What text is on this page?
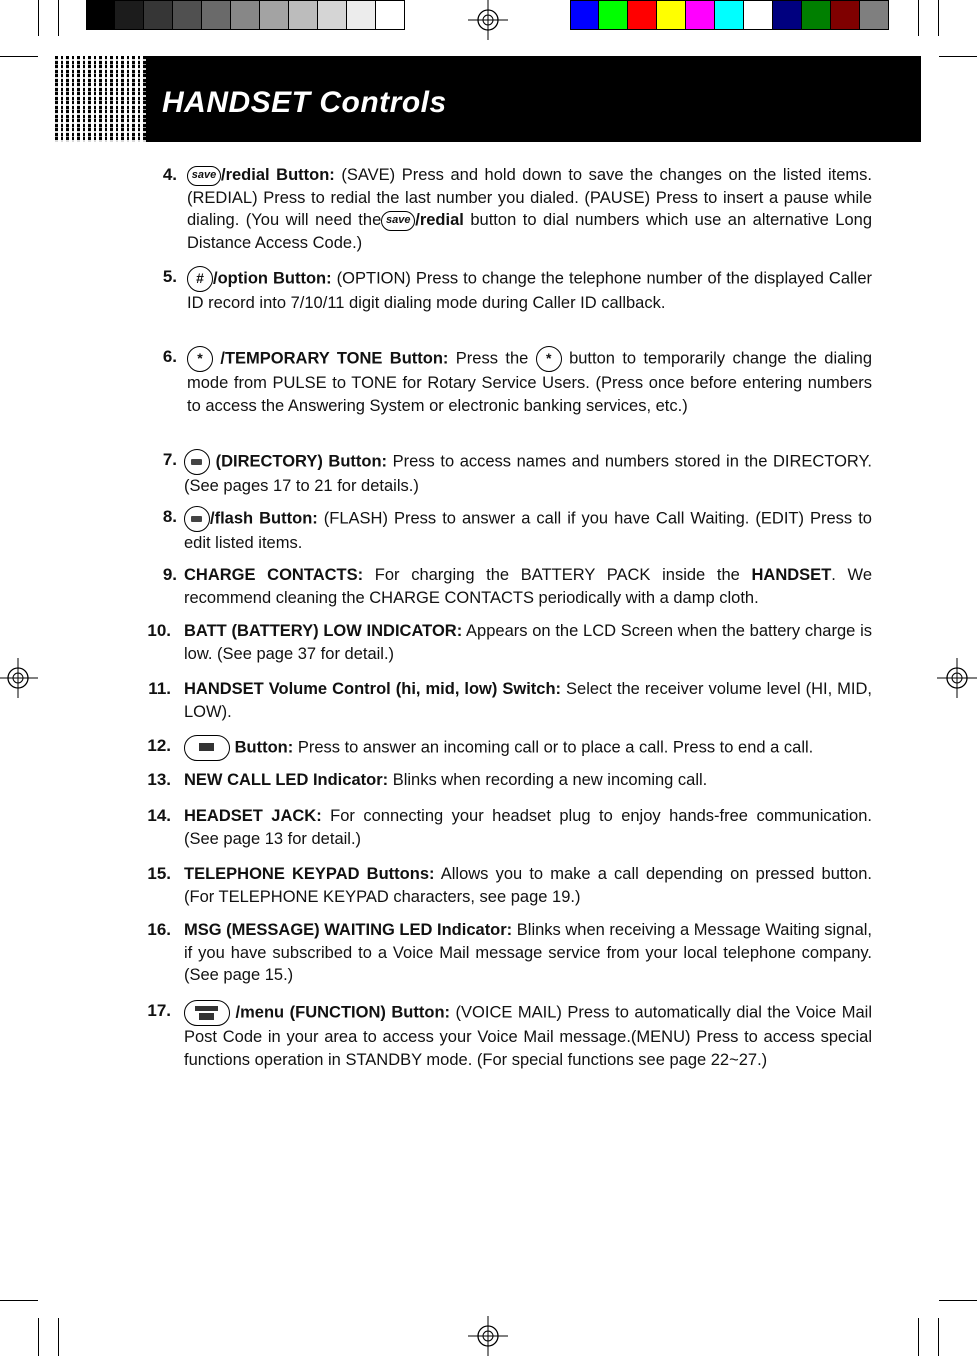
HANDSET Controls
4.	save /redial Button: (SAVE) Press and hold down to save the changes on the listed items. (REDIAL) Press to redial the last number you dialed. (PAUSE) Press to insert a pause while dialing. (You will need the save /redial button to dial numbers which use an alternative Long Distance Access Code.)
5.	# /option Button: (OPTION) Press to change the telephone number of the displayed Caller ID record into 7/10/11 digit dialing mode during Caller ID callback.
6.	* /TEMPORARY TONE Button: Press the * button to temporarily change the dialing mode from PULSE to TONE for Rotary Service Users. (Press once before entering numbers to access the Answering System or electronic banking services, etc.)
7.	(DIRECTORY) Button: Press to access names and numbers stored in the DIRECTORY. (See pages 17 to 21 for details.)
8.	/flash Button: (FLASH) Press to answer a call if you have Call Waiting. (EDIT) Press to edit listed items.
9. CHARGE CONTACTS: For charging the BATTERY PACK inside the HANDSET. We recommend cleaning the CHARGE CONTACTS periodically with a damp cloth.
10. BATT (BATTERY) LOW INDICATOR: Appears on the LCD Screen when the battery charge is low. (See page 37 for detail.)
11. HANDSET Volume Control (hi, mid, low) Switch: Select the receiver volume level (HI, MID, LOW).
12.	Button: Press to answer an incoming call or to place a call. Press to end a call.
13. NEW CALL LED Indicator: Blinks when recording a new incoming call.
14. HEADSET JACK: For connecting your headset plug to enjoy hands-free communication. (See page 13 for detail.)
15. TELEPHONE KEYPAD Buttons: Allows you to make a call depending on pressed button. (For TELEPHONE KEYPAD characters, see page 19.)
16. MSG (MESSAGE) WAITING LED Indicator: Blinks when receiving a Message Waiting signal, if you have subscribed to a Voice Mail message service from your local telephone company. (See page 15.)
17.	/menu (FUNCTION) Button: (VOICE MAIL) Press to automatically dial the Voice Mail Post Code in your area to access your Voice Mail message.(MENU) Press to access special functions operation in STANDBY mode. (For special functions see page 22~27.)
